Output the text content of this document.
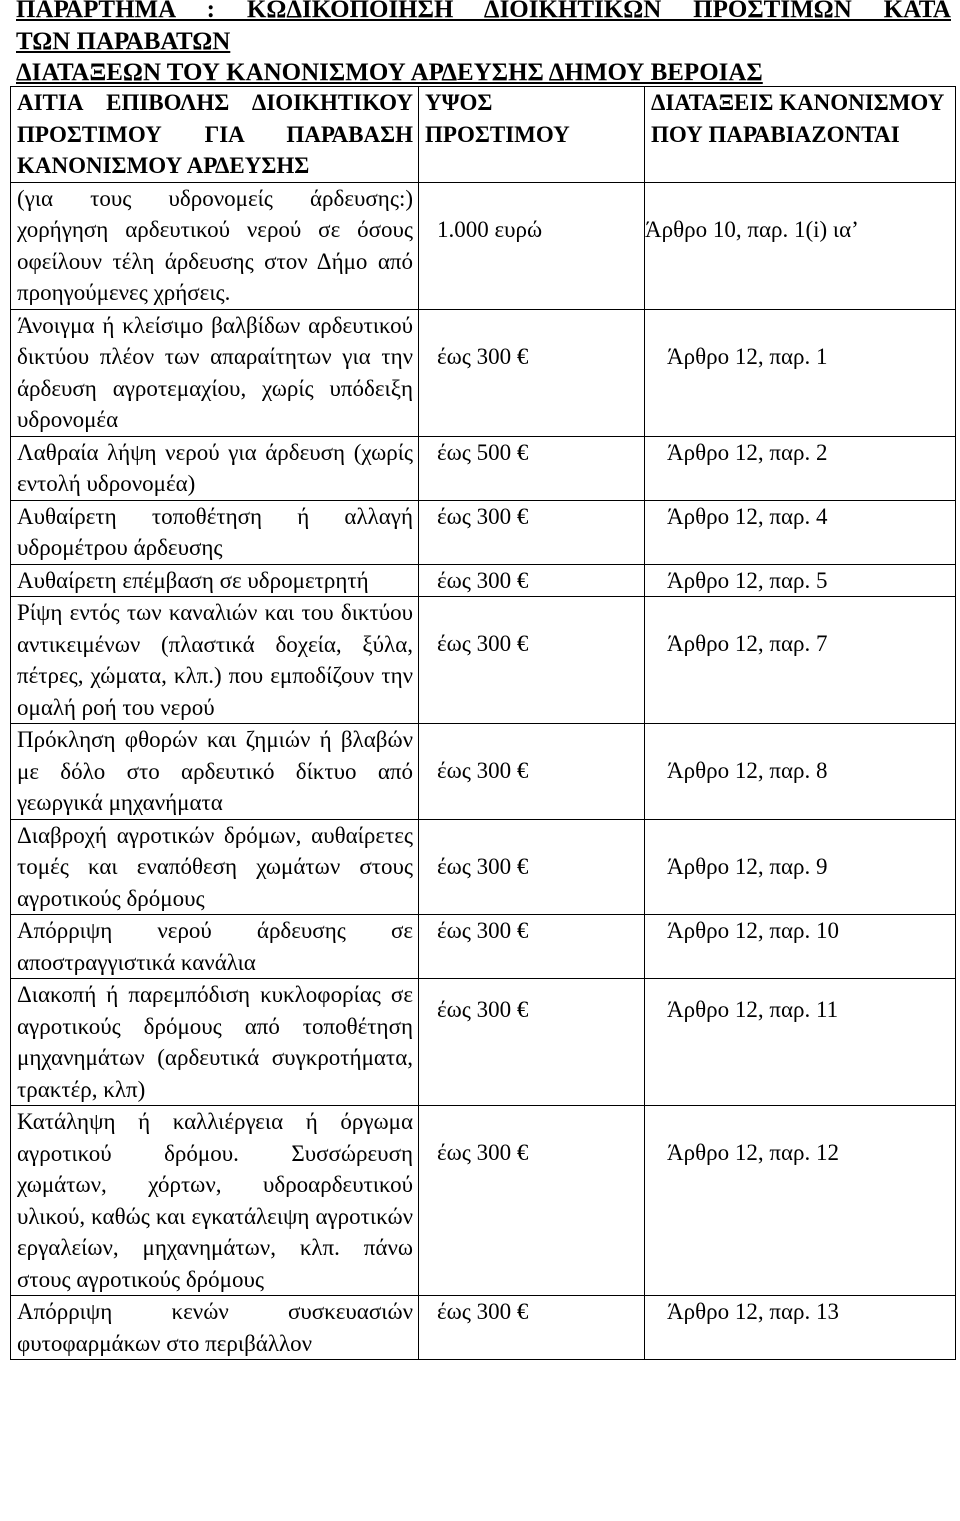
ΠΑΡΑΡΤΗΜΑ : ΚΩΔΙΚΟΠΟΙΗΣΗ ΔΙΟΙΚΗΤΙΚΩΝ ΠΡΟΣΤΙΜΩΝ ΚΑΤΑ
ΤΩΝ ΠΑΡΑΒΑΤΩΝ
ΔΙΑΤΑΞΕΩΝ ΤΟΥ ΚΑΝΟΝΙΣΜΟΥ ΑΡΔΕΥΣΗΣ ΔΗΜΟΥ ΒΕΡΟΙΑΣ
ΑΙΤΙΑ ΕΠΙΒΟΛΗΣ ΔΙΟΙΚΗΤΙΚΟΥ ΠΡΟΣΤΙΜΟΥ ΓΙΑ ΠΑΡΑΒΑΣΗ ΚΑΝΟΝΙΣΜΟΥ ΑΡΔΕΥΣΗΣ	ΥΨΟΣ ΠΡΟΣΤΙΜΟΥ	ΔΙΑΤΑΞΕΙΣ ΚΑΝΟΝΙΣΜΟΥ ΠΟΥ ΠΑΡΑΒΙΑΖΟΝΤΑΙ
(για τους υδρονομείς άρδευσης:) χορήγηση αρδευτικού νερού σε όσους οφείλουν τέλη άρδευσης στον Δήμο από προηγούμενες χρήσεις.	1.000 ευρώ	Άρθρο 10, παρ. 1(i) ια’
Άνοιγμα ή κλείσιμο βαλβίδων αρδευτικού δικτύου πλέον των απαραίτητων για την άρδευση αγροτεμαχίου, χωρίς υπόδειξη υδρονομέα	έως 300 €	Άρθρο 12, παρ. 1
Λαθραία λήψη νερού για άρδευση (χωρίς εντολή υδρονομέα)	έως 500 €	Άρθρο 12, παρ. 2
Αυθαίρετη τοποθέτηση ή αλλαγή υδρομέτρου άρδευσης	έως 300 €	Άρθρο 12, παρ. 4
Αυθαίρετη επέμβαση σε υδρομετρητή	έως 300 €	Άρθρο 12, παρ. 5
Ρίψη εντός των καναλιών και του δικτύου αντικειμένων (πλαστικά δοχεία, ξύλα, πέτρες, χώματα, κλπ.) που εμποδίζουν την ομαλή ροή του νερού	έως 300 €	Άρθρο 12, παρ. 7
Πρόκληση φθορών και ζημιών ή βλαβών με δόλο στο αρδευτικό δίκτυο από γεωργικά μηχανήματα	έως 300 €	Άρθρο 12, παρ. 8
Διαβροχή αγροτικών δρόμων, αυθαίρετες τομές και εναπόθεση χωμάτων στους αγροτικούς δρόμους	έως 300 €	Άρθρο 12, παρ. 9
Απόρριψη νερού άρδευσης σε αποστραγγιστικά κανάλια	έως 300 €	Άρθρο 12, παρ. 10
Διακοπή ή παρεμπόδιση κυκλοφορίας σε αγροτικούς δρόμους από τοποθέτηση μηχανημάτων (αρδευτικά συγκροτήματα, τρακτέρ, κλπ)	έως 300 €	Άρθρο 12, παρ. 11
Κατάληψη ή καλλιέργεια ή όργωμα αγροτικού δρόμου. Συσσώρευση χωμάτων, χόρτων, υδροαρδευτικού υλικού, καθώς και εγκατάλειψη αγροτικών εργαλείων, μηχανημάτων, κλπ. πάνω στους αγροτικούς δρόμους	έως 300 €	Άρθρο 12, παρ. 12
Απόρριψη κενών συσκευασιών φυτοφαρμάκων στο περιβάλλον	έως 300 €	Άρθρο 12, παρ. 13
